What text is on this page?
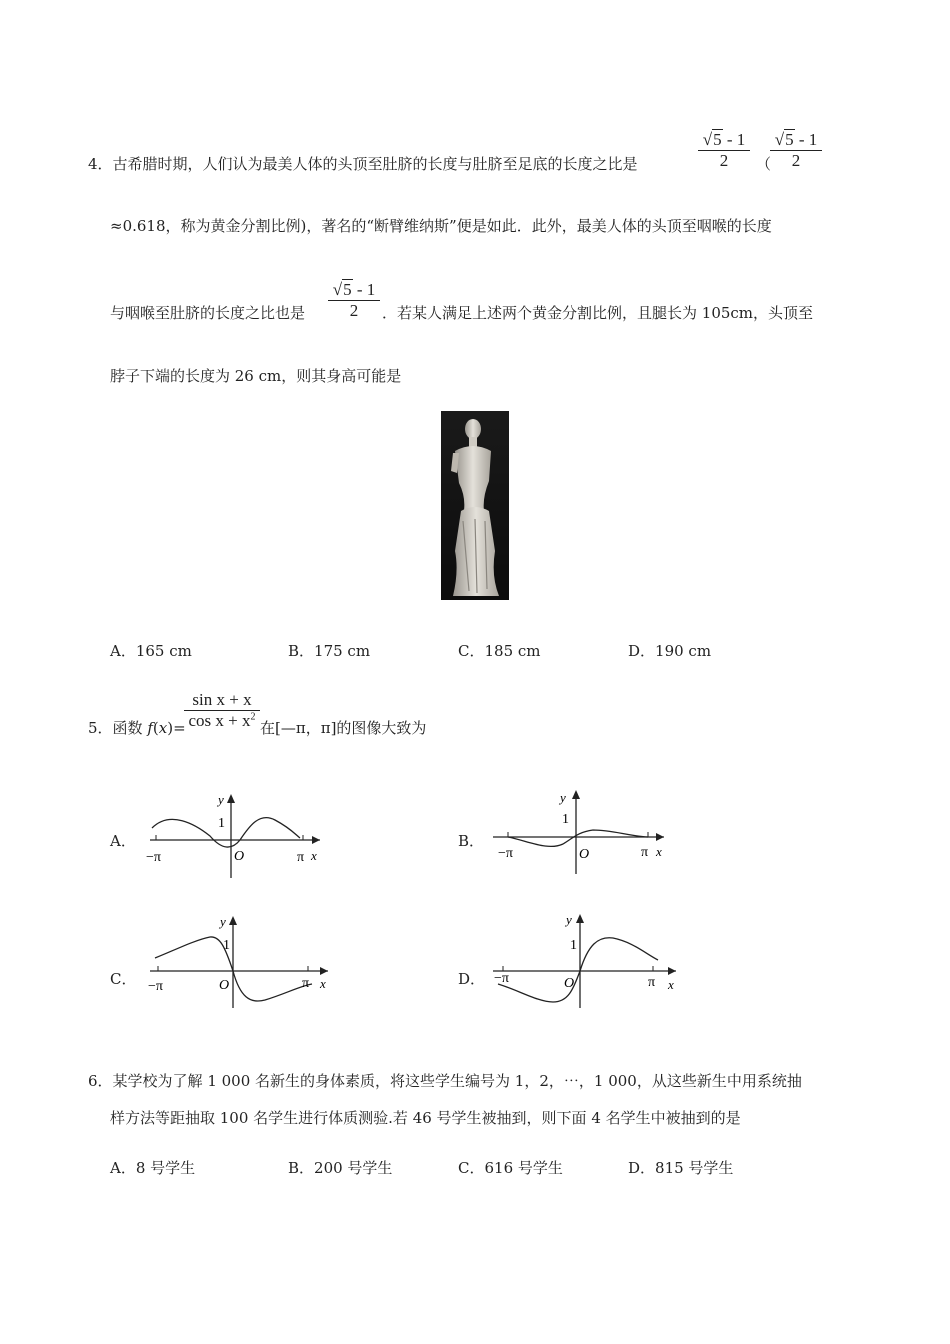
4．古希腊时期，人们认为最美人体的头顶至肚脐的长度与肚脐至足底的长度之比是
√5 - 1
2	（
√5 - 1
2
≈0.618，称为黄金分割比例)，著名的“断臂维纳斯”便是如此．此外，最美人体的头顶至咽喉的长度
与咽喉至肚脐的长度之比也是
√5 - 1
2	．若某人满足上述两个黄金分割比例，且腿长为 105cm，头顶至
脖子下端的长度为 26 cm，则其身高可能是
A．165 cm	B．175 cm	C．185 cm	D．190 cm
5．函数 f(x)=
sin x + x
$\cos x + x^2$
在[—π，π]的图像大致为
A．
y
1
O
−π	π x
B．
y
1
O
−π	π x
C．
y
1
O
−π	π x	D．
y
1
O
−π	π x
6．某学校为了解 1 000 名新生的身体素质，将这些学生编号为 1，2，⋯，1 000，从这些新生中用系统抽
样方法等距抽取 100 名学生进行体质测验.若 46 号学生被抽到，则下面 4 名学生中被抽到的是
A．8 号学生	B．200 号学生	C．616 号学生	D．815 号学生
